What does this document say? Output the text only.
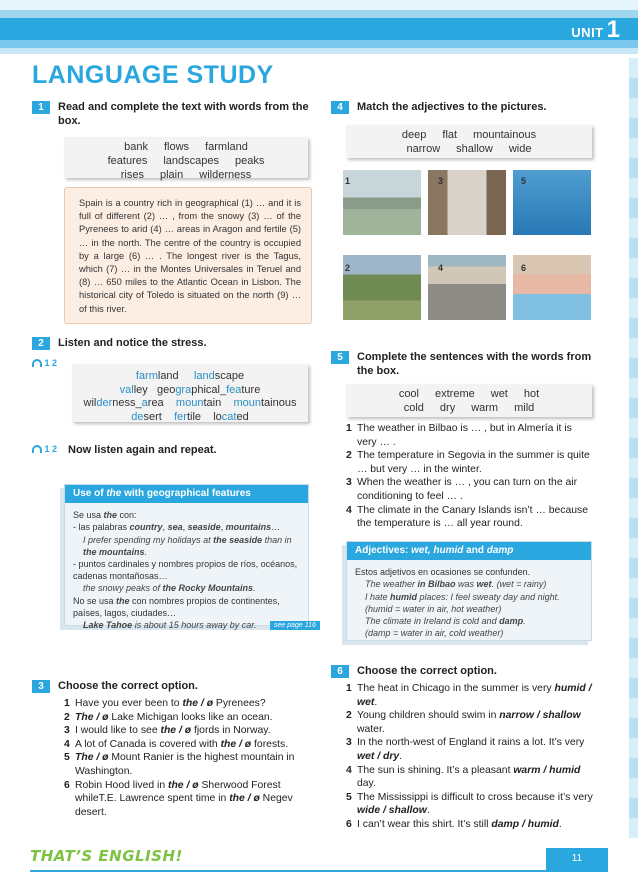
UNIT 1
LANGUAGE STUDY
1	Read and complete the text with words from the box.
bank flows farmland
features landscapes peaks
rises plain wilderness
Spain is a country rich in geographical (1) … and it is full of different (2) … , from the snowy (3) … of the Pyrenees to arid (4) … areas in Aragon and fertile (5) … in the north. The centre of the country is occupied by a large (6) … . The longest river is the Tagus, which (7) … in the Montes Universales in Teruel and (8) … 650 miles to the Atlantic Ocean in Lisbon. The historical city of Toledo is situated on the north (9) … of this river.
2	Listen and notice the stress.
1 2
farmland landscape
valley geographical_feature
wilderness_area mountain mountainous
desert fertile located
1 2 Now listen again and repeat.
Use of the with geographical features
Se usa the con:
- las palabras country, sea, seaside, mountains…
I prefer spending my holidays at the seaside than in the mountains.
- puntos cardinales y nombres propios de ríos, océanos, cadenas montañosas…
the snowy peaks of the Rocky Mountains.
No se usa the con nombres propios de continentes, países, lagos, ciudades…
Lake Tahoe is about 15 hours away by car.	see page 116
3	Choose the correct option.
1 Have you ever been to the / ø Pyrenees?
2 The / ø Lake Michigan looks like an ocean.
3 I would like to see the / ø fjords in Norway.
4 A lot of Canada is covered with the / ø forests.
5 The / ø Mount Ranier is the highest mountain in Washington.
6 Robin Hood lived in the / ø Sherwood Forest whileT.E. Lawrence spent time in the / ø Negev desert.
4	Match the adjectives to the pictures.
deep flat mountainous
narrow shallow wide
1	3	5
2	4	6
5	Complete the sentences with the words from the box.
cool extreme wet hot
cold dry warm mild
1 The weather in Bilbao is … , but in Almería it is very … .
2 The temperature in Segovia in the summer is quite … but very … in the winter.
3 When the weather is … , you can turn on the air conditioning to feel … .
4 The climate in the Canary Islands isn’t … because the temperature is … all year round.
Adjectives: wet, humid and damp
Estos adjetivos en ocasiones se confunden.
The weather in Bilbao was wet. (wet = rainy)
I hate humid places: I feel sweaty day and night.
(humid = water in air, hot weather)
The climate in Ireland is cold and damp.
(damp = water in air, cold weather)
6	Choose the correct option.
1 The heat in Chicago in the summer is very humid / wet.
2 Young children should swim in narrow / shallow water.
3 In the north-west of England it rains a lot. It’s very wet / dry.
4 The sun is shining. It’s a pleasant warm / humid day.
5 The Mississippi is difficult to cross because it’s very wide / shallow.
6 I can’t wear this shirt. It’s still damp / humid.
THAT’S ENGLISH!	11
